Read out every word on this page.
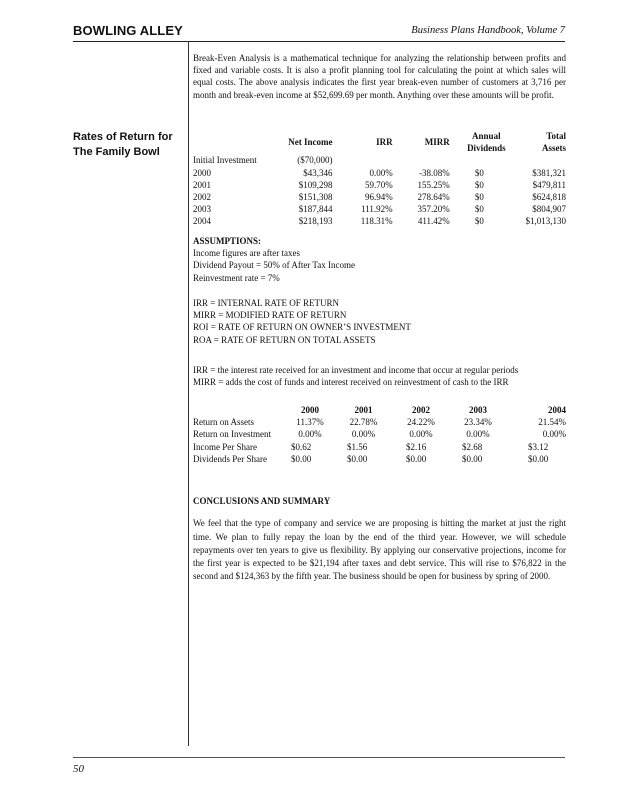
BOWLING ALLEY	Business Plans Handbook, Volume 7
Rates of Return for The Family Bowl

Break-Even Analysis is a mathematical technique for analyzing the relationship between profits and fixed and variable costs. It is also a profit planning tool for calculating the point at which sales will equal costs. The above analysis indicates the first year break-even number of customers at 3,716 per month and break-even income at $52,699.69 per month. Anything over these amounts will be profit.

	Net Income	IRR	MIRR	Annual Dividends	Total Assets
Initial Investment	($70,000)				
2000	$43,346	0.00%	-38.08%	$0	$381,321
2001	$109,298	59.70%	155.25%	$0	$479,811
2002	$151,308	96.94%	278.64%	$0	$624,818
2003	$187,844	111.92%	357.20%	$0	$804,907
2004	$218,193	118.31%	411.42%	$0	$1,013,130
ASSUMPTIONS:
Income figures are after taxes
Dividend Payout = 50% of After Tax Income
Reinvestment rate = 7%
IRR = INTERNAL RATE OF RETURN
MIRR = MODIFIED RATE OF RETURN
ROI = RATE OF RETURN ON OWNER’S INVESTMENT
ROA = RATE OF RETURN ON TOTAL ASSETS
IRR = the interest rate received for an investment and income that occur at regular periods
MIRR = adds the cost of funds and interest received on reinvestment of cash to the IRR
	2000	2001	2002	2003	2004
Return on Assets	11.37%	22.78%	24.22%	23.34%	21.54%
Return on Investment	0.00%	0.00%	0.00%	0.00%	0.00%
Income Per Share	$0.62	$1.56	$2.16	$2.68	$3.12
Dividends Per Share	$0.00	$0.00	$0.00	$0.00	$0.00
CONCLUSIONS AND SUMMARY

We feel that the type of company and service we are proposing is hitting the market at just the right time. We plan to fully repay the loan by the end of the third year. However, we will schedule repayments over ten years to give us flexibility. By applying our conservative projections, income for the first year is expected to be $21,194 after taxes and debt service. This will rise to $76,822 in the second and $124,363 by the fifth year. The business should be open for business by spring of 2000.

50
